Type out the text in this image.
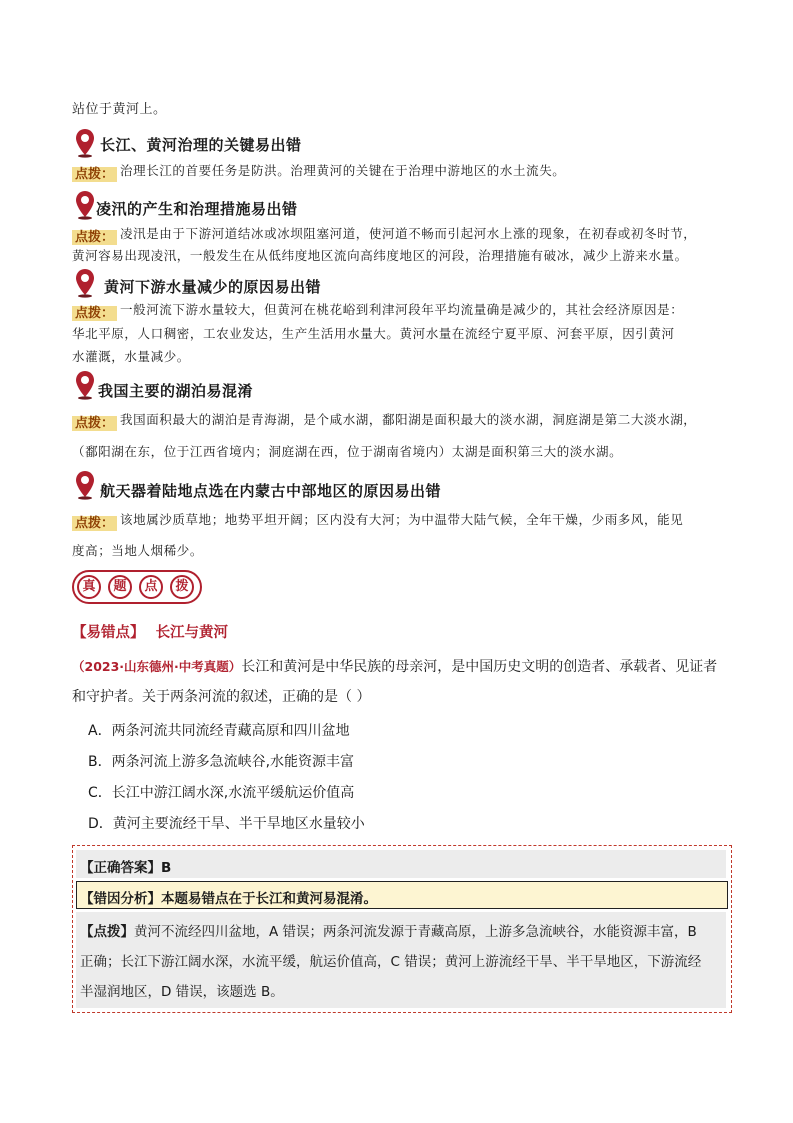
站位于黄河上。
长江、黄河治理的关键易出错
点拨： 治理长江的首要任务是防洪。治理黄河的关键在于治理中游地区的水土流失。
凌汛的产生和治理措施易出错
点拨： 凌汛是由于下游河道结冰或冰坝阻塞河道，使河道不畅而引起河水上涨的现象，在初春或初冬时节，
黄河容易出现凌汛，一般发生在从低纬度地区流向高纬度地区的河段，治理措施有破冰，减少上游来水量。
黄河下游水量减少的原因易出错
点拨： 一般河流下游水量较大，但黄河在桃花峪到利津河段年平均流量确是减少的，其社会经济原因是：
华北平原，人口稠密，工农业发达，生产生活用水量大。黄河水量在流经宁夏平原、河套平原，因引黄河
水灌溉，水量减少。
我国主要的湖泊易混淆
点拨： 我国面积最大的湖泊是青海湖，是个咸水湖，鄱阳湖是面积最大的淡水湖，洞庭湖是第二大淡水湖，
（鄱阳湖在东，位于江西省境内；洞庭湖在西，位于湖南省境内）太湖是面积第三大的淡水湖。
航天器着陆地点选在内蒙古中部地区的原因易出错
点拨： 该地属沙质草地；地势平坦开阔；区内没有大河；为中温带大陆气候，全年干燥，少雨多风，能见
度高；当地人烟稀少。
真	题	点	拨
【易错点】 长江与黄河
（2023·山东德州·中考真题）长江和黄河是中华民族的母亲河，是中国历史文明的创造者、承载者、见证者
和守护者。关于两条河流的叙述，正确的是（ ）
A．两条河流共同流经青藏高原和四川盆地
B．两条河流上游多急流峡谷,水能资源丰富
C．长江中游江阔水深,水流平缓航运价值高
D．黄河主要流经干旱、半干旱地区水量较小
【正确答案】B
【错因分析】本题易错点在于长江和黄河易混淆。
【点拨】黄河不流经四川盆地，A 错误；两条河流发源于青藏高原，上游多急流峡谷，水能资源丰富，B
正确；长江下游江阔水深，水流平缓，航运价值高，C 错误；黄河上游流经干旱、半干旱地区，下游流经
半湿润地区，D 错误，该题选 B。
